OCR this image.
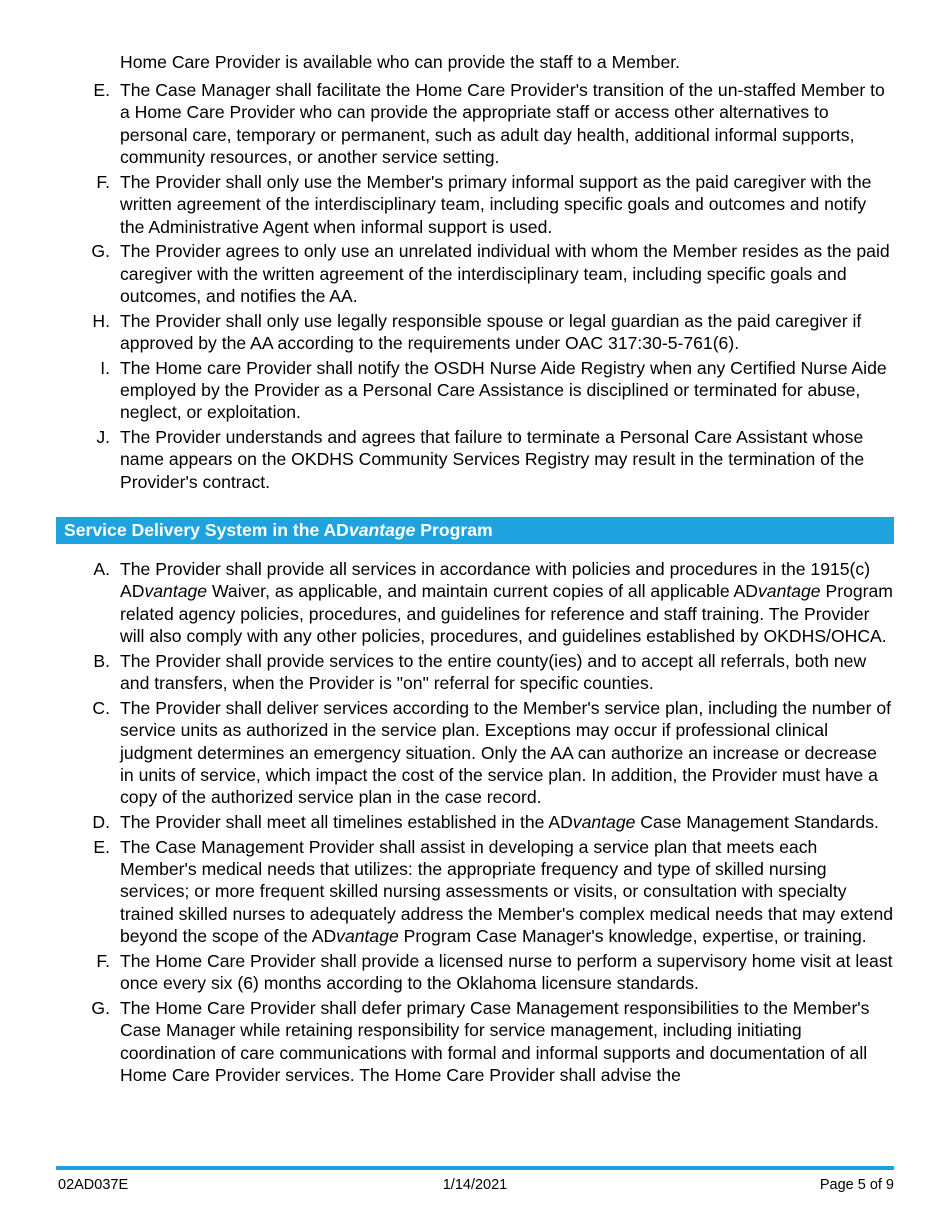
Home Care Provider is available who can provide the staff to a Member.
E. The Case Manager shall facilitate the Home Care Provider's transition of the un-staffed Member to a Home Care Provider who can provide the appropriate staff or access other alternatives to personal care, temporary or permanent, such as adult day health, additional informal supports, community resources, or another service setting.
F. The Provider shall only use the Member's primary informal support as the paid caregiver with the written agreement of the interdisciplinary team, including specific goals and outcomes and notify the Administrative Agent when informal support is used.
G. The Provider agrees to only use an unrelated individual with whom the Member resides as the paid caregiver with the written agreement of the interdisciplinary team, including specific goals and outcomes, and notifies the AA.
H. The Provider shall only use legally responsible spouse or legal guardian as the paid caregiver if approved by the AA according to the requirements under OAC 317:30-5-761(6).
I. The Home care Provider shall notify the OSDH Nurse Aide Registry when any Certified Nurse Aide employed by the Provider as a Personal Care Assistance is disciplined or terminated for abuse, neglect, or exploitation.
J. The Provider understands and agrees that failure to terminate a Personal Care Assistant whose name appears on the OKDHS Community Services Registry may result in the termination of the Provider's contract.
Service Delivery System in the ADvantage Program
A. The Provider shall provide all services in accordance with policies and procedures in the 1915(c) ADvantage Waiver, as applicable, and maintain current copies of all applicable ADvantage Program related agency policies, procedures, and guidelines for reference and staff training. The Provider will also comply with any other policies, procedures, and guidelines established by OKDHS/OHCA.
B. The Provider shall provide services to the entire county(ies) and to accept all referrals, both new and transfers, when the Provider is "on" referral for specific counties.
C. The Provider shall deliver services according to the Member's service plan, including the number of service units as authorized in the service plan. Exceptions may occur if professional clinical judgment determines an emergency situation. Only the AA can authorize an increase or decrease in units of service, which impact the cost of the service plan. In addition, the Provider must have a copy of the authorized service plan in the case record.
D. The Provider shall meet all timelines established in the ADvantage Case Management Standards.
E. The Case Management Provider shall assist in developing a service plan that meets each Member's medical needs that utilizes: the appropriate frequency and type of skilled nursing services; or more frequent skilled nursing assessments or visits, or consultation with specialty trained skilled nurses to adequately address the Member's complex medical needs that may extend beyond the scope of the ADvantage Program Case Manager's knowledge, expertise, or training.
F. The Home Care Provider shall provide a licensed nurse to perform a supervisory home visit at least once every six (6) months according to the Oklahoma licensure standards.
G. The Home Care Provider shall defer primary Case Management responsibilities to the Member's Case Manager while retaining responsibility for service management, including initiating coordination of care communications with formal and informal supports and documentation of all Home Care Provider services. The Home Care Provider shall advise the
02AD037E	1/14/2021	Page 5 of 9
